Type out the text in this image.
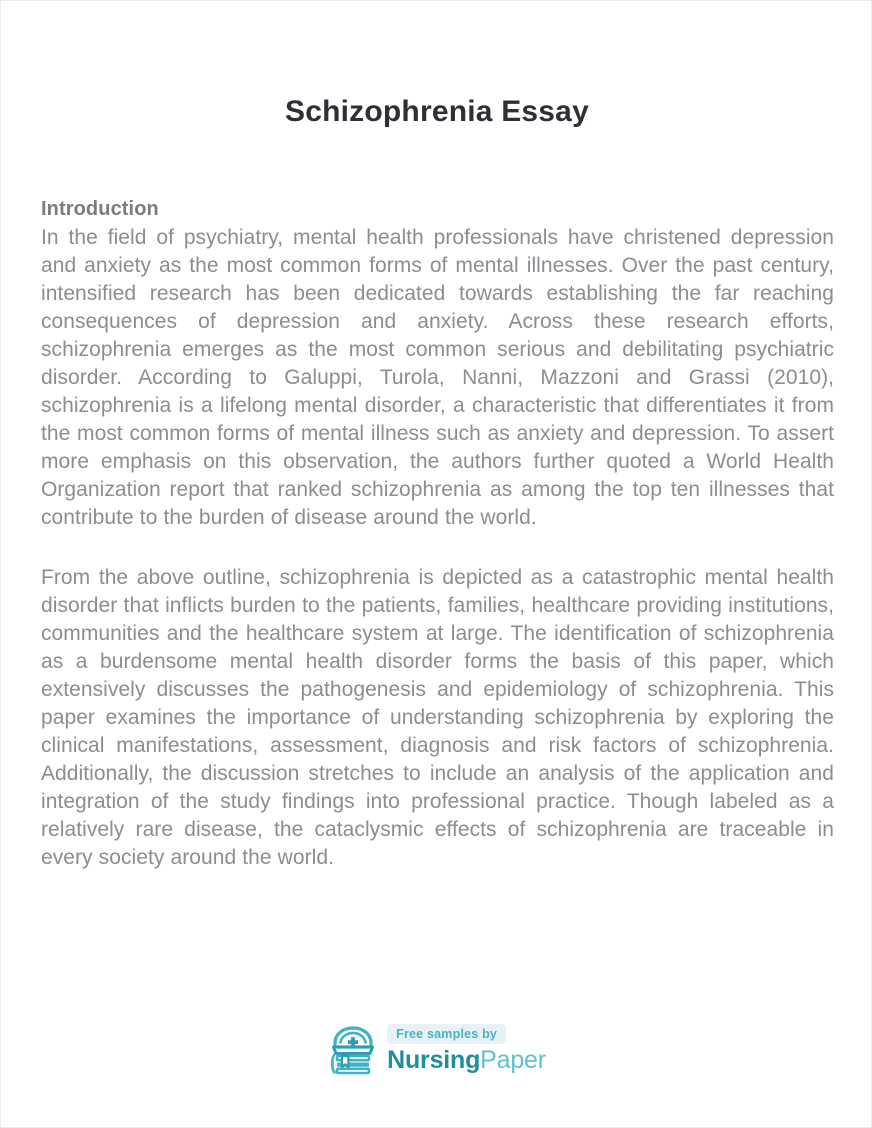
Schizophrenia Essay
Introduction

In the field of psychiatry, mental health professionals have christened depression and anxiety as the most common forms of mental illnesses. Over the past century, intensified research has been dedicated towards establishing the far reaching consequences of depression and anxiety. Across these research efforts, schizophrenia emerges as the most common serious and debilitating psychiatric disorder. According to Galuppi, Turola, Nanni, Mazzoni and Grassi (2010), schizophrenia is a lifelong mental disorder, a characteristic that differentiates it from the most common forms of mental illness such as anxiety and depression. To assert more emphasis on this observation, the authors further quoted a World Health Organization report that ranked schizophrenia as among the top ten illnesses that contribute to the burden of disease around the world.

From the above outline, schizophrenia is depicted as a catastrophic mental health disorder that inflicts burden to the patients, families, healthcare providing institutions, communities and the healthcare system at large. The identification of schizophrenia as a burdensome mental health disorder forms the basis of this paper, which extensively discusses the pathogenesis and epidemiology of schizophrenia. This paper examines the importance of understanding schizophrenia by exploring the clinical manifestations, assessment, diagnosis and risk factors of schizophrenia. Additionally, the discussion stretches to include an analysis of the application and integration of the study findings into professional practice. Though labeled as a relatively rare disease, the cataclysmic effects of schizophrenia are traceable in every society around the world.

Free samples by
NursingPaper
